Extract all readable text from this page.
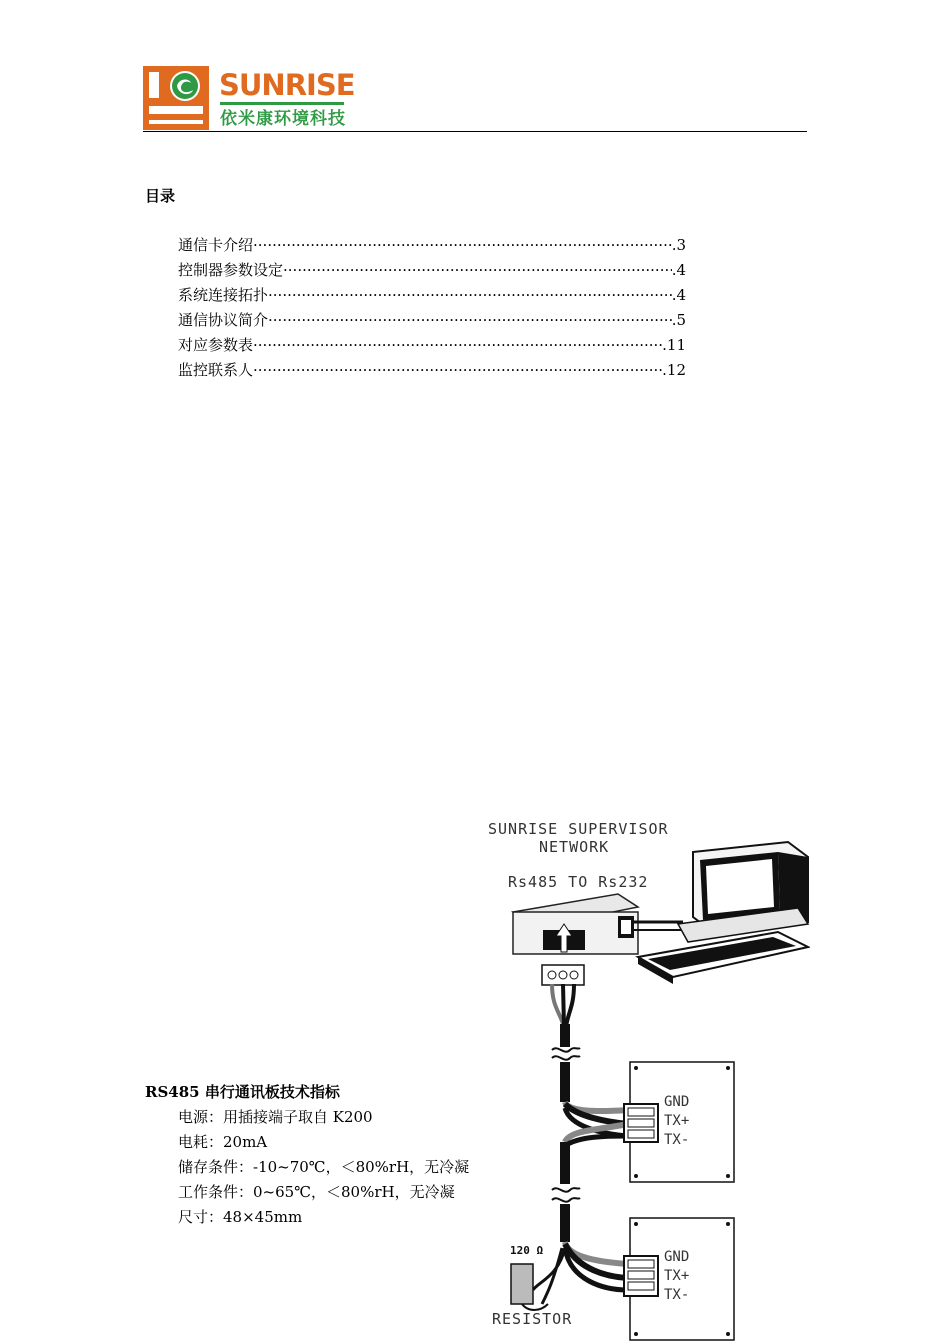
SUNRISE
依米康环境科技
目录
通信卡介绍 ·····	.3
控制器参数设定 ·····	.4
系统连接拓扑 ·····	.4
通信协议简介 ·····	.5
对应参数表 ·····	.11
监控联系人 ·····	.12
RS485 串行通讯板技术指标
电源：用插接端子取自 K200
电耗：20mA
储存条件：-10~70℃，＜80%rH，无冷凝
工作条件：0~65℃，＜80%rH，无冷凝
尺寸：48×45mm
SUNRISE SUPERVISOR
NETWORK
Rs485 TO Rs232
GND
TX+
TX-
GND
TX+
TX-
120 Ω
RESISTOR
